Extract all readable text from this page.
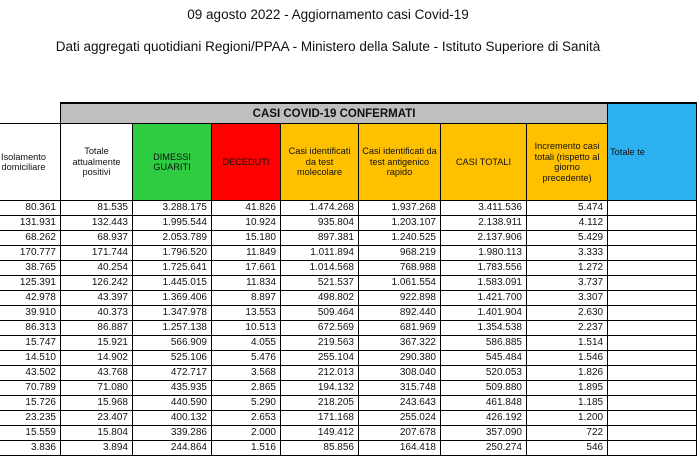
09 agosto 2022 - Aggiornamento casi Covid-19
Dati aggregati quotidiani Regioni/PPAA - Ministero della Salute - Istituto Superiore di Sanità
	CASI COVID-19 CONFERMATI							Totale te
Isolamento domiciliare	Totale attualmente positivi	DIMESSI GUARITI	DECEDUTI	Casi identificati da test molecolare	Casi identificati da test antigenico rapido	CASI TOTALI	Incremento casi totali (rispetto al giorno precedente)	
80.361	81.535	3.288.175	41.826	1.474.268	1.937.268	3.411.536	5.474	
131.931	132.443	1.995.544	10.924	935.804	1.203.107	2.138.911	4.112	
68.262	68.937	2.053.789	15.180	897.381	1.240.525	2.137.906	5.429	
170.777	171.744	1.796.520	11.849	1.011.894	968.219	1.980.113	3.333	
38.765	40.254	1.725.641	17.661	1.014.568	768.988	1.783.556	1.272	
125.391	126.242	1.445.015	11.834	521.537	1.061.554	1.583.091	3.737	
42.978	43.397	1.369.406	8.897	498.802	922.898	1.421.700	3.307	
39.910	40.373	1.347.978	13.553	509.464	892.440	1.401.904	2.630	
86.313	86.887	1.257.138	10.513	672.569	681.969	1.354.538	2.237	
15.747	15.921	566.909	4.055	219.563	367.322	586.885	1.514	
14.510	14.902	525.106	5.476	255.104	290.380	545.484	1.546	
43.502	43.768	472.717	3.568	212.013	308.040	520.053	1.826	
70.789	71.080	435.935	2.865	194.132	315.748	509.880	1.895	
15.726	15.968	440.590	5.290	218.205	243.643	461.848	1.185	
23.235	23.407	400.132	2.653	171.168	255.024	426.192	1.200	
15.559	15.804	339.286	2.000	149.412	207.678	357.090	722	
3.836	3.894	244.864	1.516	85.856	164.418	250.274	546	
